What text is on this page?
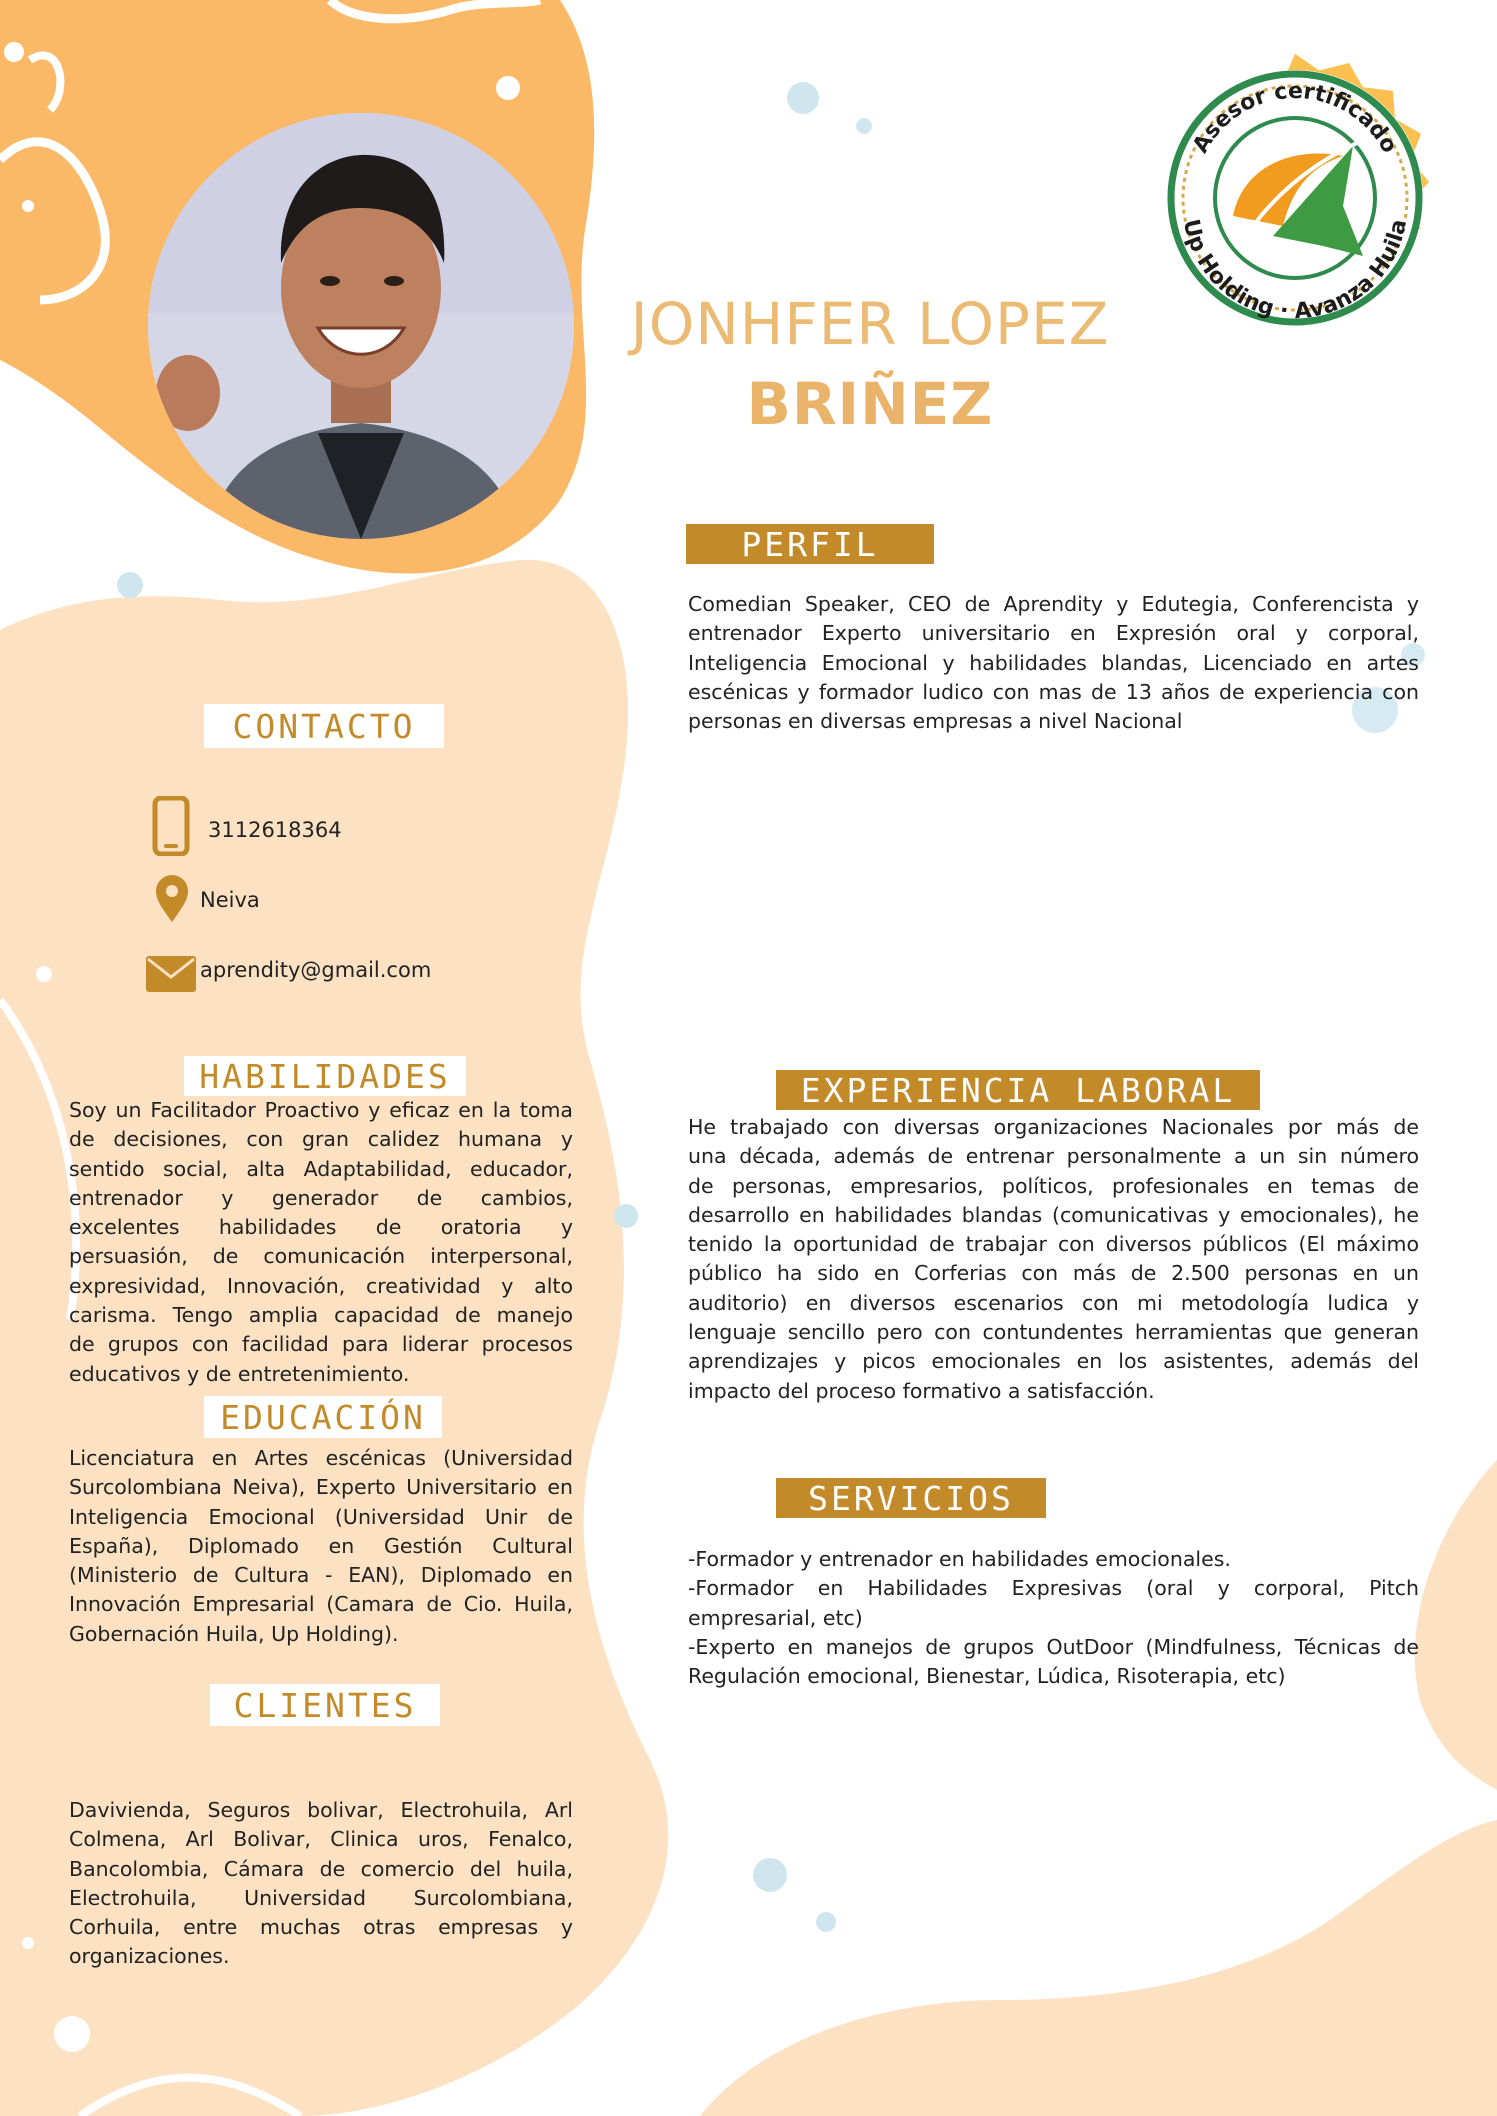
Asesor certificado
Up Holding · Avanza Huila
JONHFER LOPEZ
BRIÑEZ
PERFIL
Comedian Speaker, CEO de Aprendity y Edutegia, Conferencista y
entrenador Experto universitario en Expresión oral y corporal,
Inteligencia Emocional y habilidades blandas, Licenciado en artes
escénicas y formador ludico con mas de 13 años de experiencia con
personas en diversas empresas a nivel Nacional
CONTACTO
3112618364
Neiva
aprendity@gmail.com
HABILIDADES
Soy un Facilitador Proactivo y eficaz en la toma
de decisiones, con gran calidez humana y
sentido social, alta Adaptabilidad, educador,
entrenador y generador de cambios,
excelentes habilidades de oratoria y
persuasión, de comunicación interpersonal,
expresividad, Innovación, creatividad y alto
carisma. Tengo amplia capacidad de manejo
de grupos con facilidad para liderar procesos
educativos y de entretenimiento.
EDUCACIÓN
Licenciatura en Artes escénicas (Universidad
Surcolombiana Neiva), Experto Universitario en
Inteligencia Emocional (Universidad Unir de
España), Diplomado en Gestión Cultural
(Ministerio de Cultura - EAN), Diplomado en
Innovación Empresarial (Camara de Cio. Huila,
Gobernación Huila, Up Holding).
CLIENTES
Davivienda, Seguros bolivar, Electrohuila, Arl
Colmena, Arl Bolivar, Clinica uros, Fenalco,
Bancolombia, Cámara de comercio del huila,
Electrohuila, Universidad Surcolombiana,
Corhuila, entre muchas otras empresas y
organizaciones.
EXPERIENCIA LABORAL
He trabajado con diversas organizaciones Nacionales por más de
una década, además de entrenar personalmente a un sin número
de personas, empresarios, políticos, profesionales en temas de
desarrollo en habilidades blandas (comunicativas y emocionales), he
tenido la oportunidad de trabajar con diversos públicos (El máximo
público ha sido en Corferias con más de 2.500 personas en un
auditorio) en diversos escenarios con mi metodología ludica y
lenguaje sencillo pero con contundentes herramientas que generan
aprendizajes y picos emocionales en los asistentes, además del
impacto del proceso formativo a satisfacción.
SERVICIOS
-Formador y entrenador en habilidades emocionales.
-Formador en Habilidades Expresivas (oral y corporal, Pitch
empresarial, etc)
-Experto en manejos de grupos OutDoor (Mindfulness, Técnicas de
Regulación emocional, Bienestar, Lúdica, Risoterapia, etc)
